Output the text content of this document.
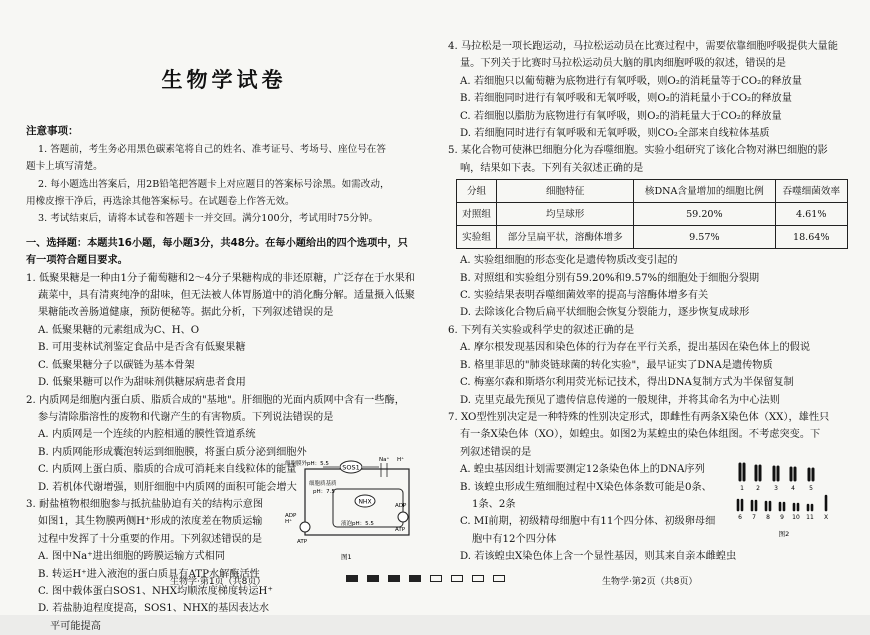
生物学试卷
注意事项：
1. 答题前，考生务必用黑色碳素笔将自己的姓名、准考证号、考场号、座位号在答
题卡上填写清楚。
2. 每小题选出答案后，用2B铅笔把答题卡上对应题目的答案标号涂黑。如需改动，
用橡皮擦干净后，再选涂其他答案标号。在试题卷上作答无效。
3. 考试结束后，请将本试卷和答题卡一并交回。满分100分，考试用时75分钟。
一、选择题：本题共16小题，每小题3分，共48分。在每小题给出的四个选项中，只
有一项符合题目要求。
1. 低聚果糖是一种由1分子葡萄糖和2～4分子果糖构成的非还原糖，广泛存在于水果和
蔬菜中，具有清爽纯净的甜味，但无法被人体胃肠道中的消化酶分解。适量摄入低聚
果糖能改善肠道健康，预防便秘等。据此分析，下列叙述错误的是
A. 低聚果糖的元素组成为C、H、O
B. 可用斐林试剂鉴定食品中是否含有低聚果糖
C. 低聚果糖分子以碳链为基本骨架
D. 低聚果糖可以作为甜味剂供糖尿病患者食用
2. 内质网是细胞内蛋白质、脂质合成的"基地"。肝细胞的光面内质网中含有一些酶，
参与清除脂溶性的废物和代谢产生的有害物质。下列说法错误的是
A. 内质网是一个连续的内腔相通的膜性管道系统
B. 内质网能形成囊泡转运到细胞膜，将蛋白质分泌到细胞外
C. 内质网上蛋白质、脂质的合成可消耗来自线粒体的能量
D. 若机体代谢增强，则肝细胞中内质网的面积可能会增大
3. 耐盐植物根细胞参与抵抗盐胁迫有关的结构示意图
如图1，其生物膜两侧H⁺形成的浓度差在物质运输
过程中发挥了十分重要的作用。下列叙述错误的是
A. 图中Na⁺进出细胞的跨膜运输方式相同
B. 转运H⁺进入液泡的蛋白质具有ATP水解酶活性
C. 图中载体蛋白SOS1、NHX均顺浓度梯度转运H⁺
D. 若盐胁迫程度提高，SOS1、NHX的基因表达水
平可能提高
SOS1
NHX
细胞膜外pH：5.5
细胞质基质
pH：7.5
液泡pH：5.5
Na⁺ H⁺
H⁺
ADP
ATP
ADP
ATP
图1
4. 马拉松是一项长跑运动，马拉松运动员在比赛过程中，需要依靠细胞呼吸提供大量能
量。下列关于比赛时马拉松运动员大脑的肌肉细胞呼吸的叙述，错误的是
A. 若细胞只以葡萄糖为底物进行有氧呼吸，则O₂的消耗量等于CO₂的释放量
B. 若细胞同时进行有氧呼吸和无氧呼吸，则O₂的消耗量小于CO₂的释放量
C. 若细胞以脂肪为底物进行有氧呼吸，则O₂的消耗量大于CO₂的释放量
D. 若细胞同时进行有氧呼吸和无氧呼吸，则CO₂全部来自线粒体基质
5. 某化合物可使淋巴细胞分化为吞噬细胞。实验小组研究了该化合物对淋巴细胞的影
响，结果如下表。下列有关叙述正确的是
分组	细胞特征	核DNA含量增加的细胞比例	吞噬细菌效率
对照组	均呈球形	59.20%	4.61%
实验组	部分呈扁平状，溶酶体增多	9.57%	18.64%
A. 实验组细胞的形态变化是遗传物质改变引起的
B. 对照组和实验组分别有59.20%和9.57%的细胞处于细胞分裂期
C. 实验结果表明吞噬细菌效率的提高与溶酶体增多有关
D. 去除该化合物后扁平状细胞会恢复分裂能力，逐步恢复成球形
6. 下列有关实验或科学史的叙述正确的是
A. 摩尔根发现基因和染色体的行为存在平行关系，提出基因在染色体上的假说
B. 格里菲思的"肺炎链球菌的转化实验"，最早证实了DNA是遗传物质
C. 梅塞尔森和斯塔尔利用荧光标记技术，得出DNA复制方式为半保留复制
D. 克里克最先预见了遗传信息传递的一般规律，并将其命名为中心法则
7. XO型性别决定是一种特殊的性别决定形式，即雌性有两条X染色体（XX），雄性只
有一条X染色体（XO），如蝗虫。如图2为某蝗虫的染色体组图。不考虑突变。下
列叙述错误的是
A. 蝗虫基因组计划需要测定12条染色体上的DNA序列
B. 该蝗虫形成生殖细胞过程中X染色体条数可能是0条、
1条、2条
C. MⅠ前期，初级精母细胞中有11个四分体、初级卵母细
胞中有12个四分体
D. 若该蝗虫X染色体上含一个显性基因，则其来自亲本雌蝗虫
1 2 3 4 5
6 7 8 9 10 11 X
图2
生物学·第1页（共8页）	生物学·第2页（共8页）
